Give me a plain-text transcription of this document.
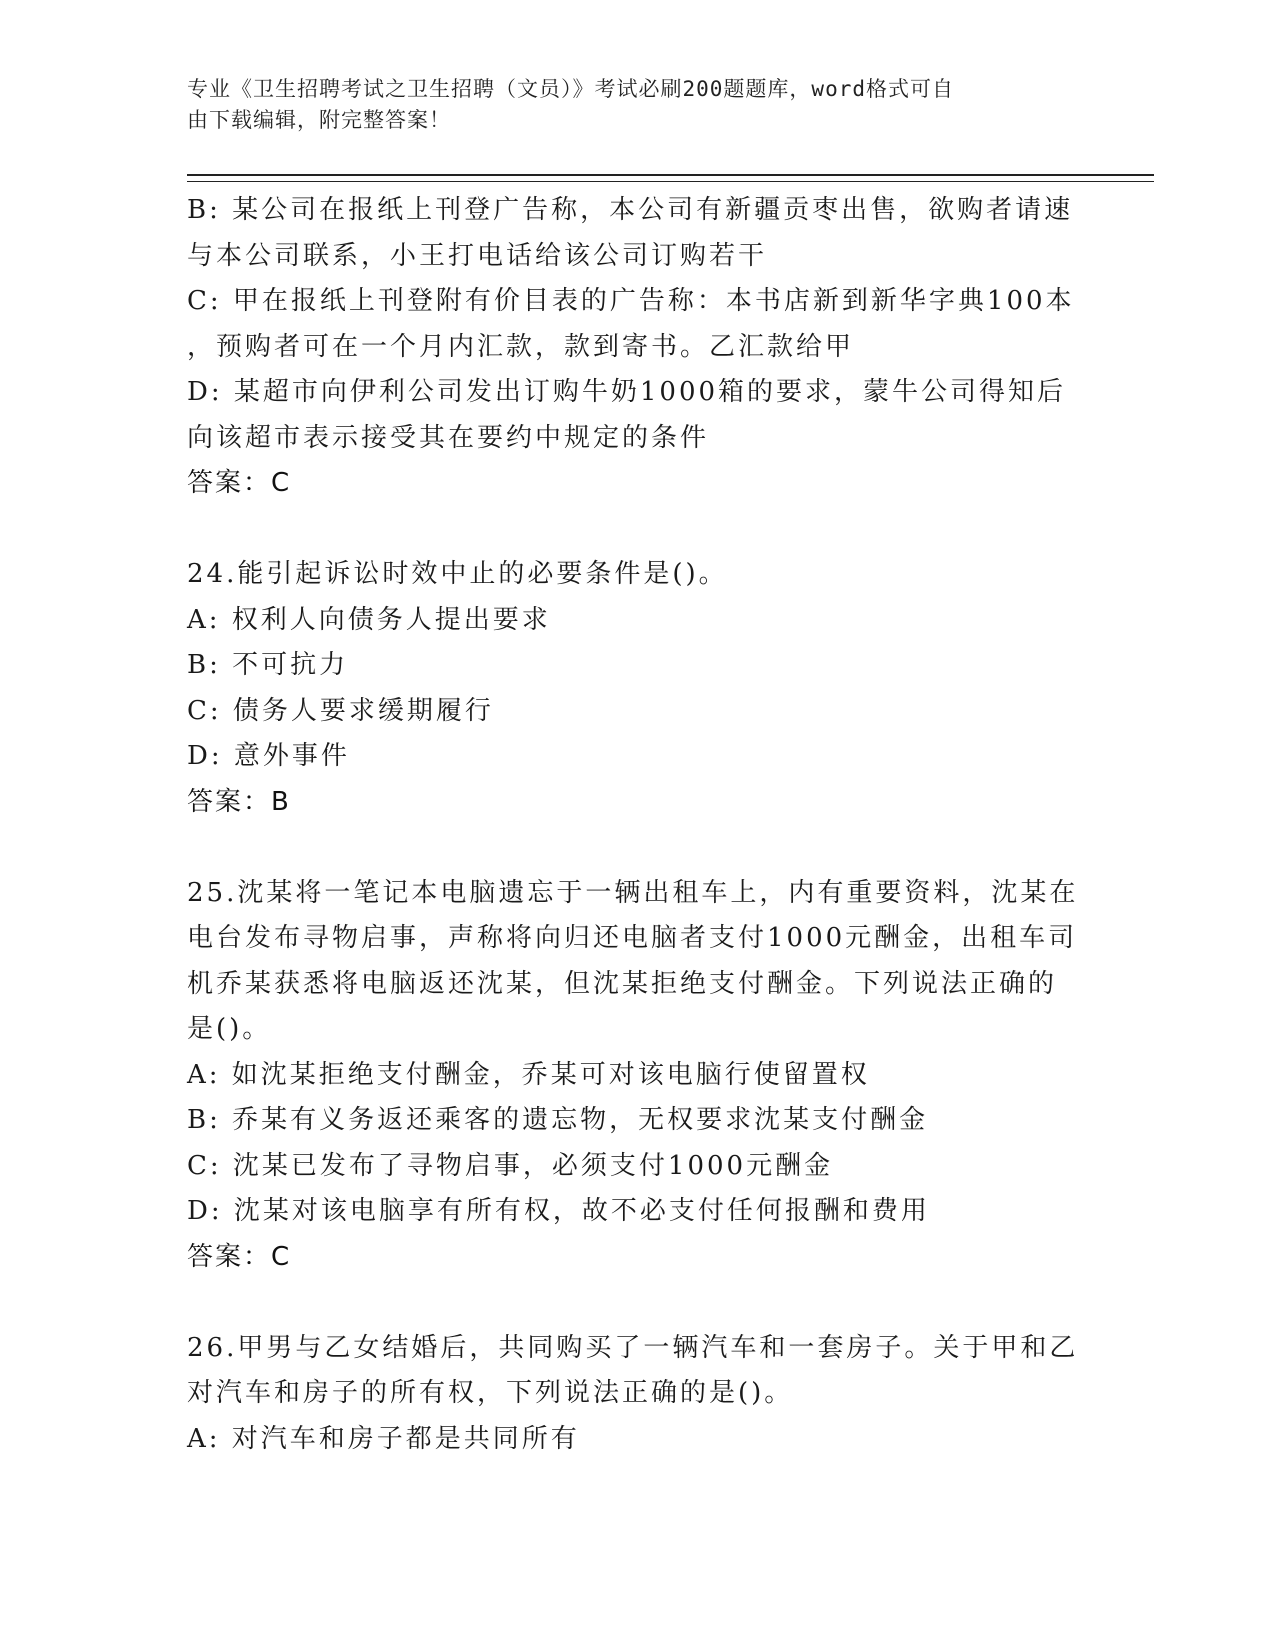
专业《卫生招聘考试之卫生招聘（文员）》考试必刷200题题库，word格式可自
由下载编辑，附完整答案！
B: 某公司在报纸上刊登广告称，本公司有新疆贡枣出售，欲购者请速
与本公司联系，小王打电话给该公司订购若干
C: 甲在报纸上刊登附有价目表的广告称：本书店新到新华字典100本
，预购者可在一个月内汇款，款到寄书。乙汇款给甲
D: 某超市向伊利公司发出订购牛奶1000箱的要求，蒙牛公司得知后
向该超市表示接受其在要约中规定的条件
答案：C
24.能引起诉讼时效中止的必要条件是()。
A: 权利人向债务人提出要求
B: 不可抗力
C: 债务人要求缓期履行
D: 意外事件
答案：B
25.沈某将一笔记本电脑遗忘于一辆出租车上，内有重要资料，沈某在
电台发布寻物启事，声称将向归还电脑者支付1000元酬金，出租车司
机乔某获悉将电脑返还沈某，但沈某拒绝支付酬金。下列说法正确的
是()。
A: 如沈某拒绝支付酬金，乔某可对该电脑行使留置权
B: 乔某有义务返还乘客的遗忘物，无权要求沈某支付酬金
C: 沈某已发布了寻物启事，必须支付1000元酬金
D: 沈某对该电脑享有所有权，故不必支付任何报酬和费用
答案：C
26.甲男与乙女结婚后，共同购买了一辆汽车和一套房子。关于甲和乙
对汽车和房子的所有权，下列说法正确的是()。
A: 对汽车和房子都是共同所有
